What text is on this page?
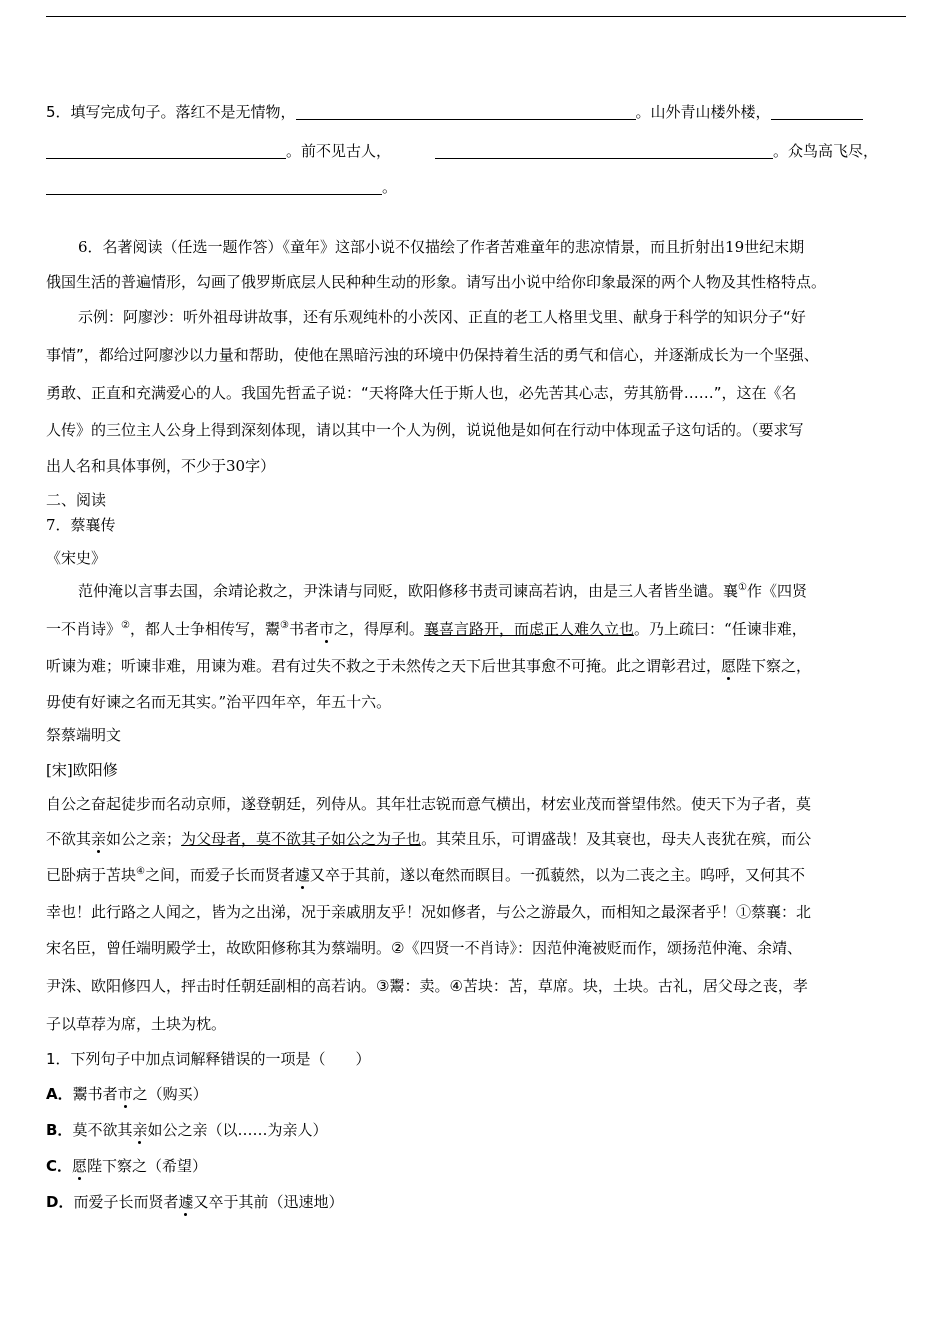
5．填写完成句子。落红不是无情物，	。山外青山楼外楼，
。前不见古人，	。众鸟高飞尽，
。
6．名著阅读（任选一题作答）《童年》这部小说不仅描绘了作者苦难童年的悲凉情景，而且折射出19世纪末期
俄国生活的普遍情形，勾画了俄罗斯底层人民种种生动的形象。请写出小说中给你印象最深的两个人物及其性格特点。
示例：阿廖沙：听外祖母讲故事，还有乐观纯朴的小茨冈、正直的老工人格里戈里、献身于科学的知识分子“好
事情”，都给过阿廖沙以力量和帮助，使他在黑暗污浊的环境中仍保持着生活的勇气和信心，并逐渐成长为一个坚强、
勇敢、正直和充满爱心的人。我国先哲孟子说：“天将降大任于斯人也，必先苦其心志，劳其筋骨……”，这在《名
人传》的三位主人公身上得到深刻体现，请以其中一个人为例，说说他是如何在行动中体现孟子这句话的。（要求写
出人名和具体事例，不少于30字）
二、阅读
7．蔡襄传
《宋史》
范仲淹以言事去国，余靖论救之，尹洙请与同贬，欧阳修移书责司谏高若讷，由是三人者皆坐谴。襄①作《四贤
一不肖诗》②，都人士争相传写，鬻③书者市之，得厚利。襄喜言路开，而虑正人难久立也。乃上疏曰：“任谏非难，
听谏为难；听谏非难，用谏为难。君有过失不救之于未然传之天下后世其事愈不可掩。此之谓彰君过，愿陛下察之，
毋使有好谏之名而无其实。”治平四年卒，年五十六。
祭蔡端明文
[宋]欧阳修
自公之奋起徒步而名动京师，遂登朝廷，列侍从。其年壮志锐而意气横出，材宏业茂而誉望伟然。使天下为子者，莫
不欲其亲如公之亲；为父母者，莫不欲其子如公之为子也。其荣且乐，可谓盛哉！及其衰也，母夫人丧犹在殡，而公
已卧病于苫块④之间，而爱子长而贤者遽又卒于其前，遂以奄然而瞑目。一孤藐然，以为二丧之主。呜呼，又何其不
幸也！此行路之人闻之，皆为之出涕，况于亲戚朋友乎！况如修者，与公之游最久，而相知之最深者乎！①蔡襄：北
宋名臣，曾任端明殿学士，故欧阳修称其为蔡端明。②《四贤一不肖诗》：因范仲淹被贬而作，颂扬范仲淹、余靖、
尹洙、欧阳修四人，抨击时任朝廷副相的高若讷。③鬻：卖。④苫块：苫，草席。块，土块。古礼，居父母之丧，孝
子以草荐为席，土块为枕。
1．下列句子中加点词解释错误的一项是（　　）
A．鬻书者市之（购买）
B．莫不欲其亲如公之亲（以……为亲人）
C．愿陛下察之（希望）
D．而爱子长而贤者遽又卒于其前（迅速地）
